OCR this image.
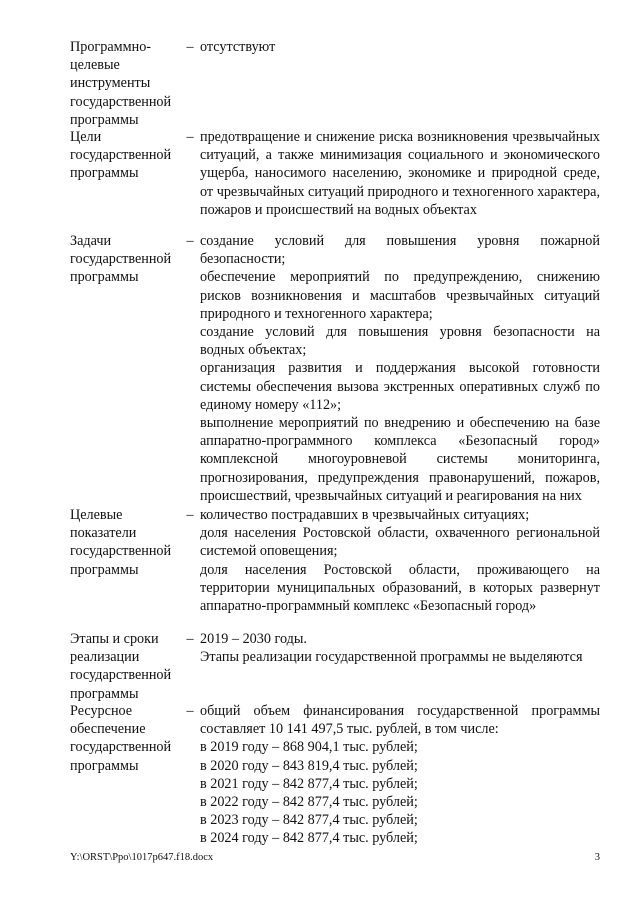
Программно-целевые инструменты государственной программы
– отсутствуют
Цели государственной программы
– предотвращение и снижение риска возникновения чрезвычайных ситуаций, а также минимизация социального и экономического ущерба, наносимого населению, экономике и природной среде, от чрезвычайных ситуаций природного и техногенного характера, пожаров и происшествий на водных объектах
Задачи государственной программы
– создание условий для повышения уровня пожарной безопасности;
обеспечение мероприятий по предупреждению, снижению рисков возникновения и масштабов чрезвычайных ситуаций природного и техногенного характера;
создание условий для повышения уровня безопасности на водных объектах;
организация развития и поддержания высокой готовности системы обеспечения вызова экстренных оперативных служб по единому номеру «112»;
выполнение мероприятий по внедрению и обеспечению на базе аппаратно-программного комплекса «Безопасный город» комплексной многоуровневой системы мониторинга, прогнозирования, предупреждения правонарушений, пожаров, происшествий, чрезвычайных ситуаций и реагирования на них
Целевые показатели государственной программы
– количество пострадавших в чрезвычайных ситуациях;
доля населения Ростовской области, охваченного региональной системой оповещения;
доля населения Ростовской области, проживающего на территории муниципальных образований, в которых развернут аппаратно-программный комплекс «Безопасный город»
Этапы и сроки реализации государственной программы
– 2019 – 2030 годы.
Этапы реализации государственной программы не выделяются
Ресурсное обеспечение государственной программы
– общий объем финансирования государственной программы составляет 10 141 497,5 тыс. рублей, в том числе:
в 2019 году – 868 904,1 тыс. рублей;
в 2020 году – 843 819,4 тыс. рублей;
в 2021 году – 842 877,4 тыс. рублей;
в 2022 году – 842 877,4 тыс. рублей;
в 2023 году – 842 877,4 тыс. рублей;
в 2024 году – 842 877,4 тыс. рублей;
Y:\ORST\Ppo\1017p647.f18.docx	3
